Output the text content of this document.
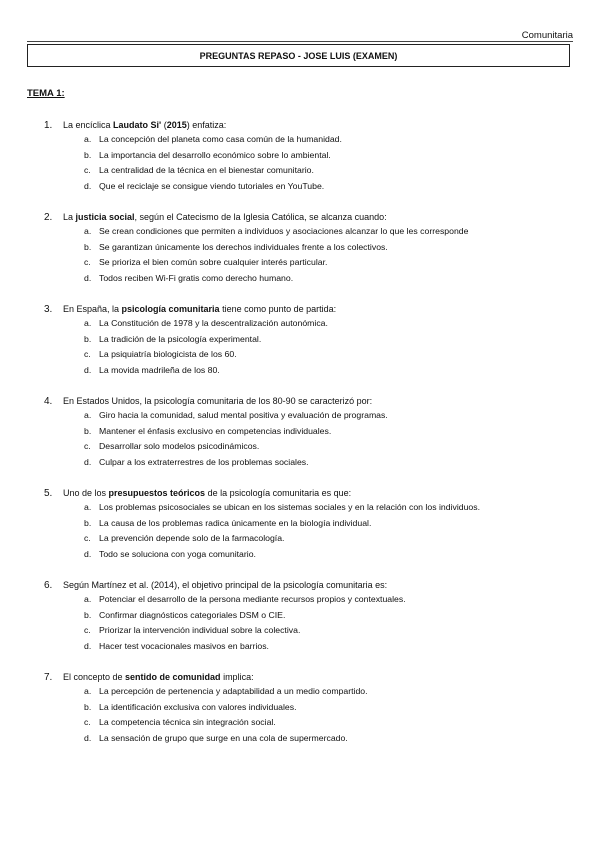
Comunitaria
PREGUNTAS REPASO - JOSE LUIS (EXAMEN)
TEMA 1:
1. La encíclica Laudato Si' (2015) enfatiza:
a. La concepción del planeta como casa común de la humanidad.
b. La importancia del desarrollo económico sobre lo ambiental.
c. La centralidad de la técnica en el bienestar comunitario.
d. Que el reciclaje se consigue viendo tutoriales en YouTube.
2. La justicia social, según el Catecismo de la Iglesia Católica, se alcanza cuando:
a. Se crean condiciones que permiten a individuos y asociaciones alcanzar lo que les corresponde
b. Se garantizan únicamente los derechos individuales frente a los colectivos.
c. Se prioriza el bien común sobre cualquier interés particular.
d. Todos reciben Wi-Fi gratis como derecho humano.
3. En España, la psicología comunitaria tiene como punto de partida:
a. La Constitución de 1978 y la descentralización autonómica.
b. La tradición de la psicología experimental.
c. La psiquiatría biologicista de los 60.
d. La movida madrileña de los 80.
4. En Estados Unidos, la psicología comunitaria de los 80-90 se caracterizó por:
a. Giro hacia la comunidad, salud mental positiva y evaluación de programas.
b. Mantener el énfasis exclusivo en competencias individuales.
c. Desarrollar solo modelos psicodinámicos.
d. Culpar a los extraterrestres de los problemas sociales.
5. Uno de los presupuestos teóricos de la psicología comunitaria es que:
a. Los problemas psicosociales se ubican en los sistemas sociales y en la relación con los individuos.
b. La causa de los problemas radica únicamente en la biología individual.
c. La prevención depende solo de la farmacología.
d. Todo se soluciona con yoga comunitario.
6. Según Martínez et al. (2014), el objetivo principal de la psicología comunitaria es:
a. Potenciar el desarrollo de la persona mediante recursos propios y contextuales.
b. Confirmar diagnósticos categoriales DSM o CIE.
c. Priorizar la intervención individual sobre la colectiva.
d. Hacer test vocacionales masivos en barrios.
7. El concepto de sentido de comunidad implica:
a. La percepción de pertenencia y adaptabilidad a un medio compartido.
b. La identificación exclusiva con valores individuales.
c. La competencia técnica sin integración social.
d. La sensación de grupo que surge en una cola de supermercado.
